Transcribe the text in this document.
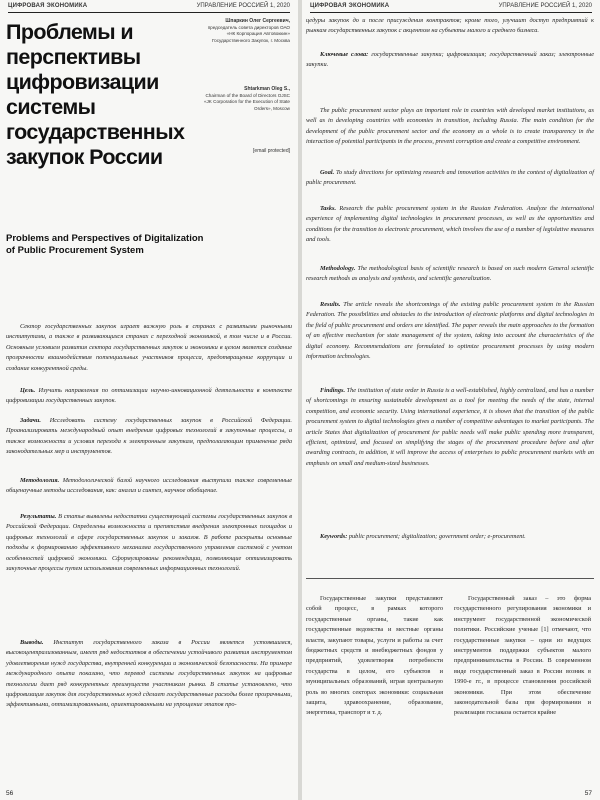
ЦИФРОВАЯ ЭКОНОМИКА	УПРАВЛЕНИЕ РОССИЕЙ 1, 2020
Проблемы и перспективы цифровизации системы государственных закупок России
Шпаркин Олег Сергеевич,
председатель совета директоров ОАО «НК Корпорация Автовоккин» Государственного Закупок, г. Москва
Shtarkman Oleg S.,
Chairman of the Board of Directors OJSC «JK Corporation for the Execution of State Orders», Moscow
[email protected]
Problems and Perspectives of Digitalization of Public Procurement System
Сектор государственных закупок играет важную роль в странах с развитыми рыночными институтами, а также в развивающихся странах с переходной экономикой, в том числе и в России. Основным условием развития сектора государственных закупок и экономики в целом является создание прозрачности взаимодействия потенциальных участников процесса, предотвращение коррупции и создание конкурентной среды.
Цель. Изучить направления по оптимизации научно-инновационной деятельности в контексте цифровизации государственных закупок.
Задачи. Исследовать систему государственных закупок в Российской Федерации. Проанализировать международный опыт внедрения цифровых технологий в закупочные процессы, а также возможности и условия перехода к электронным закупкам, предполагающим применение ряда законодательных мер и инструментов.
Методология. Методологической базой научного исследования выступили также современные общенаучные методы исследования, как: анализ и синтез, научное обобщение.
Результаты. В статье выявлены недостатки существующей системы государственных закупок в Российской Федерации. Определены возможности и препятствия внедрения электронных площадок и цифровых технологий в сфере государственных закупок и заказов. В работе раскрыты основные подходы к формированию эффективного механизма государственного управления системой с учетом особенностей цифровой экономики. Сформулированы рекомендации, позволяющие оптимизировать закупочные процессы путем использования современных информационных технологий.
Выводы. Институт государственного заказа в России является устоявшимся, высокоцентрализованным, имеет ряд недостатков в обеспечении устойчивого развития инструментом удовлетворения нужд государства, внутренней конкуренции и экономической безопасности. На примере международного опыта показано, что перевод системы государственных закупок на цифровые технологии дает ряд конкурентных преимуществ участникам рынка. В статье установлено, что цифровизация закупок для государственных нужд сделает государственные расходы более прозрачными, эффективными, оптимизированными, ориентированными на упрощение этапов про-
56
ЦИФРОВАЯ ЭКОНОМИКА	УПРАВЛЕНИЕ РОССИЕЙ 1, 2020
цедуры закупок до и после присуждения контрактов; кроме того, улучшит доступ предприятий к рынкам государственных закупок с акцентом на субъекты малого и среднего бизнеса.
Ключевые слова: государственные закупки; цифровизация; государственный заказ; электронные закупки.
The public procurement sector plays an important role in countries with developed market institutions, as well as in developing countries with economies in transition, including Russia. The main condition for the development of the public procurement sector and the economy as a whole is to create transparency in the interaction of potential participants in the process, prevent corruption and create a competitive environment.
Goal. To study directions for optimizing research and innovation activities in the context of digitalization of public procurement.
Tasks. Research the public procurement system in the Russian Federation. Analyze the international experience of implementing digital technologies in procurement processes, as well as the opportunities and conditions for the transition to electronic procurement, which involves the use of a number of legislative measures and tools.
Methodology. The methodological basis of scientific research is based on such modern General scientific research methods as analysis and synthesis, and scientific generalization.
Results. The article reveals the shortcomings of the existing public procurement system in the Russian Federation. The possibilities and obstacles to the introduction of electronic platforms and digital technologies in the field of public procurement and orders are identified. The paper reveals the main approaches to the formation of an effective mechanism for state management of the system, taking into account the characteristics of the digital economy. Recommendations are formulated to optimize procurement processes by using modern information technologies.
Findings. The institution of state order in Russia is a well-established, highly centralized, and has a number of shortcomings in ensuring sustainable development as a tool for meeting the needs of the state, internal competition, and economic security. Using international experience, it is shown that the transition of the public procurement system to digital technologies gives a number of competitive advantages to market participants. The article States that digitalization of procurement for public needs will make public spending more transparent, efficient, optimized, and focused on simplifying the stages of the procurement procedure before and after awarding contracts, in addition, it will improve the access of enterprises to public procurement markets with an emphasis on small and medium-sized businesses.
Keywords: public procurement; digitalization; government order; e-procurement.
Государственные закупки представляют собой процесс, в рамках которого государственные органы, такие как государственные ведомства и местные органы власти, закупают товары, услуги и работы за счет бюджетных средств и внебюджетных фондов у предприятий, удовлетворяя потребности государства в целом, его субъектов и муниципальных образований, играя центральную роль во многих секторах экономики: социальная защита, здравоохранение, образование, энергетика, транспорт и т. д.
Государственный заказ – это форма государственного регулирования экономики и инструмент государственной экономической политики. Российские ученые [1] отмечают, что государственные закупки – одни из ведущих инструментов поддержки субъектов малого предпринимательства в России. В современном виде государственный заказ в России возник в 1990-е гг., в процессе становления российской экономики. При этом обеспечение законодательной базы при формировании и реализации госзаказа остается крайне
57
